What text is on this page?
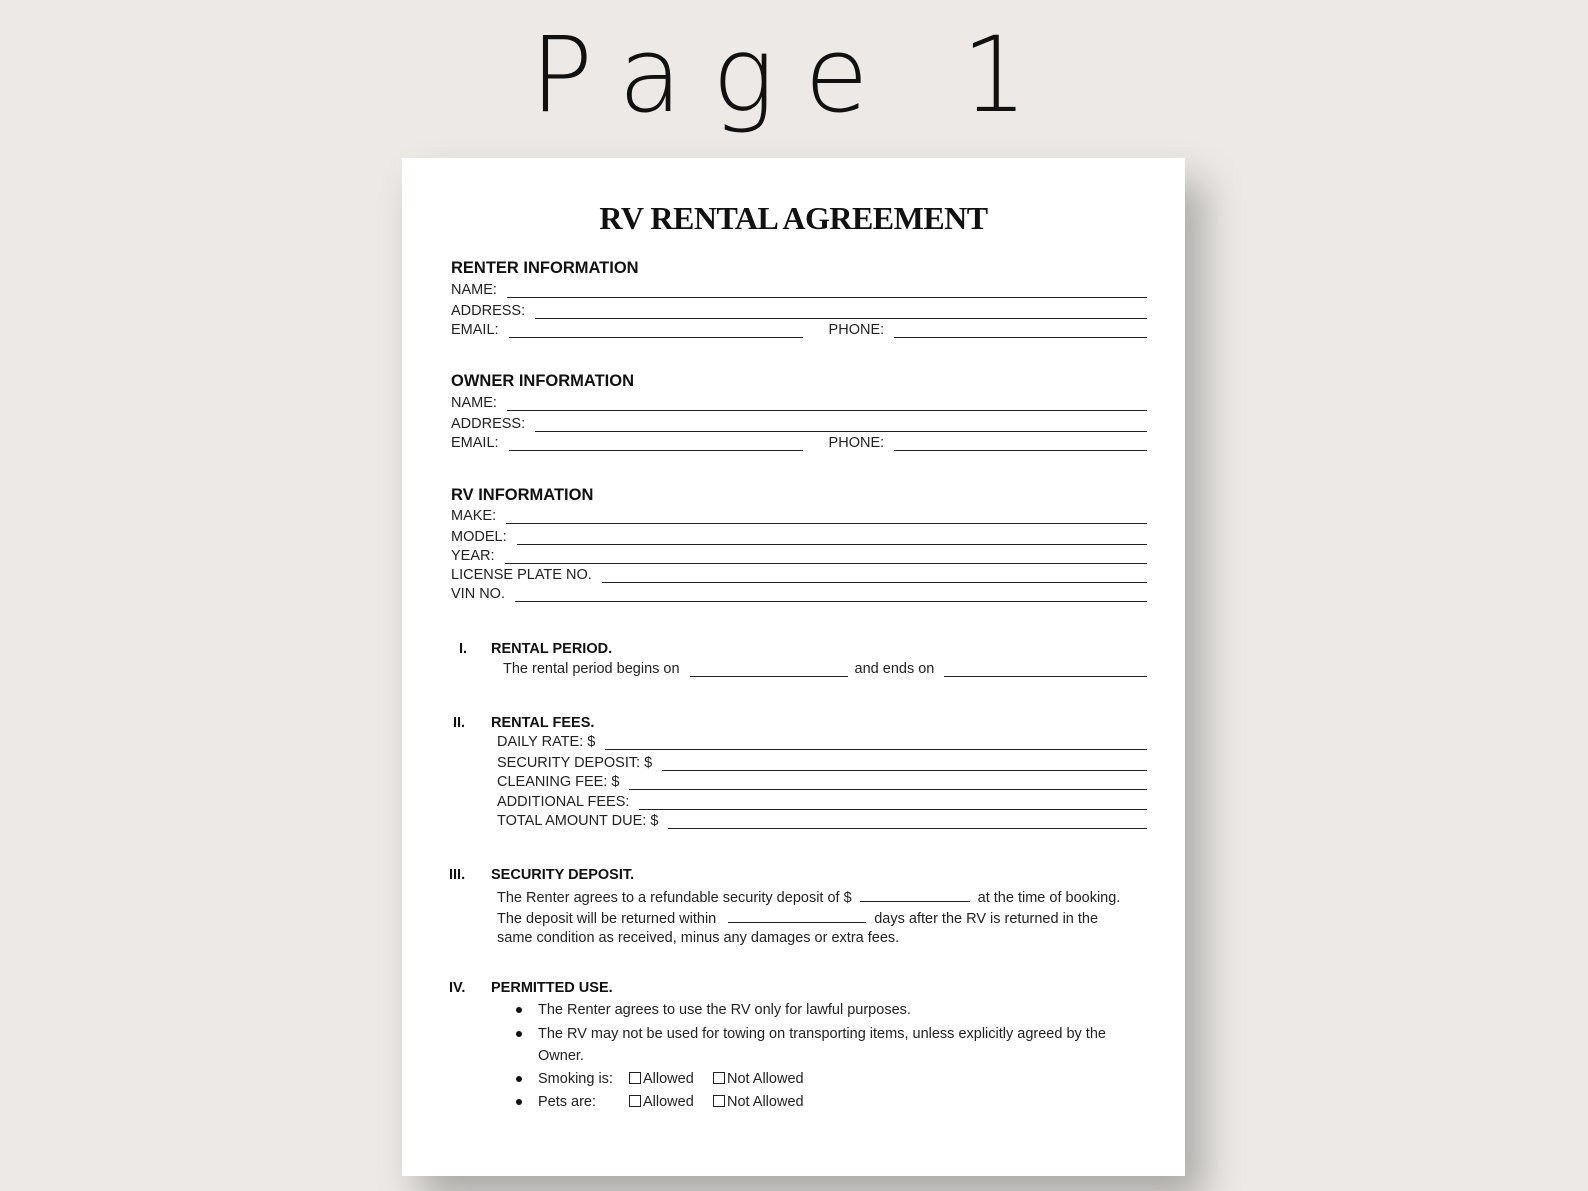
Page 1
RV RENTAL AGREEMENT
RENTER INFORMATION
NAME:
ADDRESS:
EMAIL:	PHONE:
OWNER INFORMATION
NAME:
ADDRESS:
EMAIL:	PHONE:
RV INFORMATION
MAKE:
MODEL:
YEAR:
LICENSE PLATE NO.
VIN NO.
I. RENTAL PERIOD.
The rental period begins on	and ends on
II. RENTAL FEES.
DAILY RATE: $
SECURITY DEPOSIT: $
CLEANING FEE: $
ADDITIONAL FEES:
TOTAL AMOUNT DUE: $
III. SECURITY DEPOSIT.
The Renter agrees to a refundable security deposit of $	at the time of booking.
The deposit will be returned within	days after the RV is returned in the
same condition as received, minus any damages or extra fees.
IV. PERMITTED USE.
The Renter agrees to use the RV only for lawful purposes.
The RV may not be used for towing on transporting items, unless explicitly agreed by the
Owner.
Smoking is: Allowed Not Allowed
Pets are:	Allowed Not Allowed
